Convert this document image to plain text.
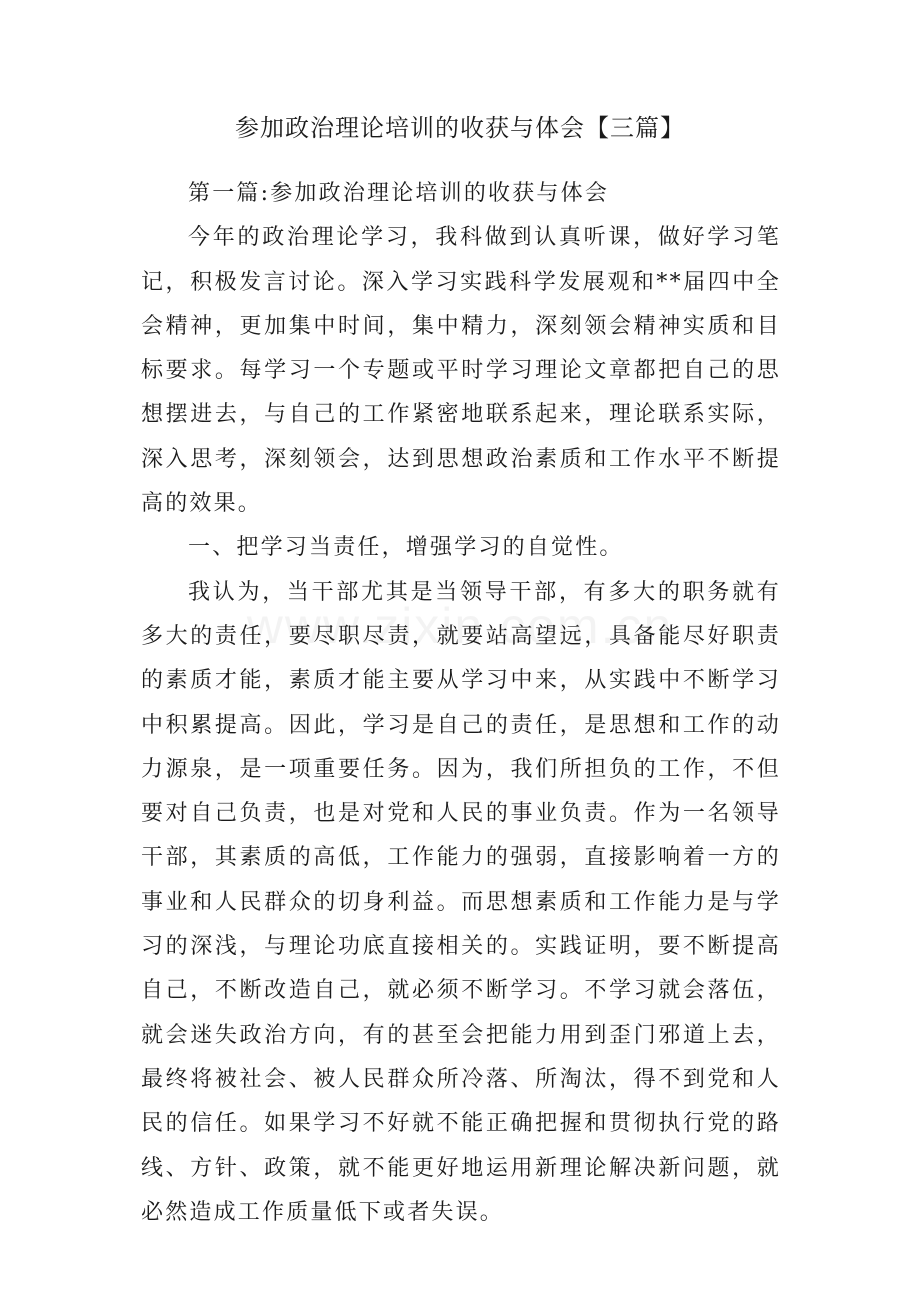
参加政治理论培训的收获与体会【三篇】

第一篇:参加政治理论培训的收获与体会

今年的政治理论学习，我科做到认真听课，做好学习笔记，积极发言讨论。深入学习实践科学发展观和**届四中全会精神，更加集中时间，集中精力，深刻领会精神实质和目标要求。每学习一个专题或平时学习理论文章都把自己的思想摆进去，与自己的工作紧密地联系起来，理论联系实际，深入思考，深刻领会，达到思想政治素质和工作水平不断提高的效果。

一、把学习当责任，增强学习的自觉性。

我认为，当干部尤其是当领导干部，有多大的职务就有多大的责任，要尽职尽责，就要站高望远，具备能尽好职责的素质才能，素质才能主要从学习中来，从实践中不断学习中积累提高。因此，学习是自己的责任，是思想和工作的动力源泉，是一项重要任务。因为，我们所担负的工作，不但要对自己负责，也是对党和人民的事业负责。作为一名领导干部，其素质的高低，工作能力的强弱，直接影响着一方的事业和人民群众的切身利益。而思想素质和工作能力是与学习的深浅，与理论功底直接相关的。实践证明，要不断提高自己，不断改造自己，就必须不断学习。不学习就会落伍，就会迷失政治方向，有的甚至会把能力用到歪门邪道上去，最终将被社会、被人民群众所冷落、所淘汰，得不到党和人民的信任。如果学习不好就不能正确把握和贯彻执行党的路线、方针、政策，就不能更好地运用新理论解决新问题，就必然造成工作质量低下或者失误。
